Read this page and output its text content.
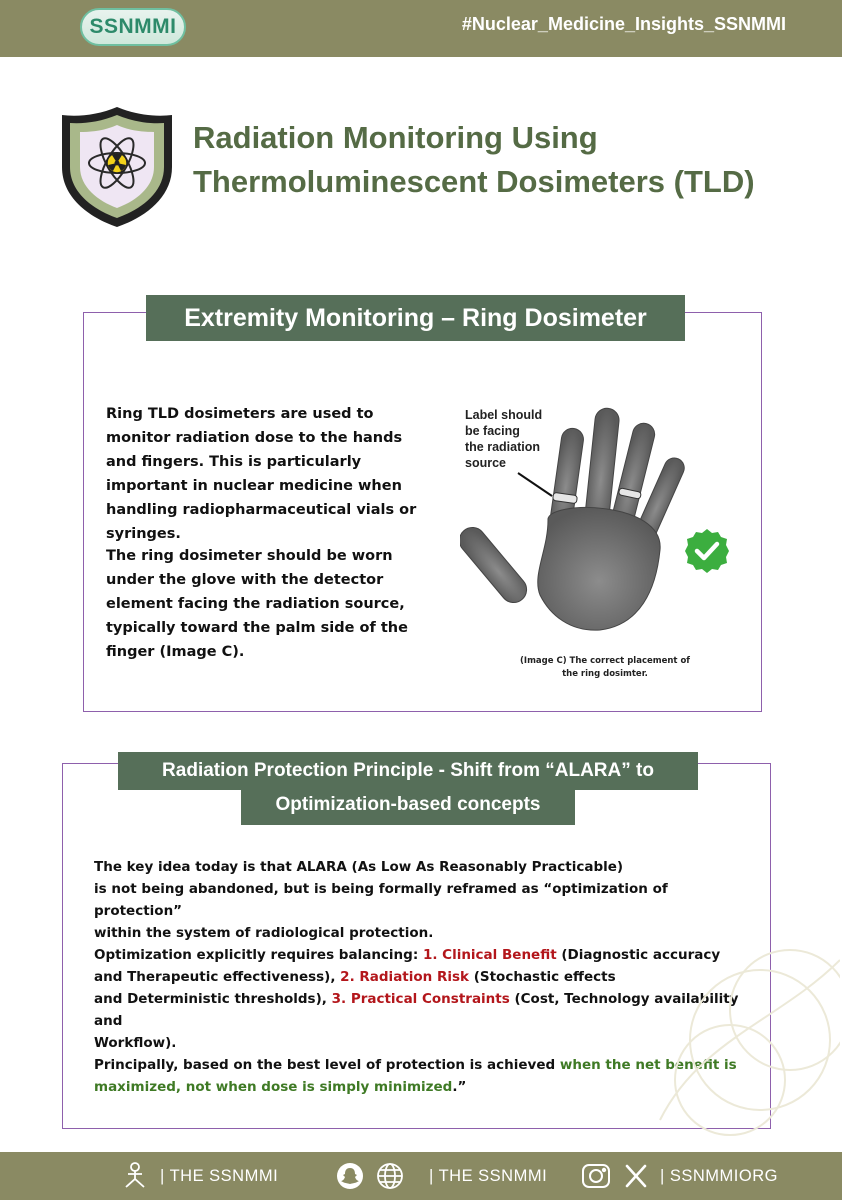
SSNMMI	#Nuclear_Medicine_Insights_SSNMMI
Radiation Monitoring Using
Thermoluminescent Dosimeters (TLD)
Extremity Monitoring – Ring Dosimeter

Ring TLD dosimeters are used to monitor radiation dose to the hands and fingers. This is particularly important in nuclear medicine when handling radiopharmaceutical vials or syringes.

The ring dosimeter should be worn under the glove with the detector element facing the radiation source, typically toward the palm side of the finger (Image C).

Label should
be facing
the radiation
source
(Image C) The correct placement of
the ring dosimter.
Radiation Protection Principle - Shift from “ALARA” to
Optimization-based concepts
The key idea today is that ALARA (As Low As Reasonably Practicable)
is not being abandoned, but is being formally reframed as “optimization of protection”
within the system of radiological protection.
Optimization explicitly requires balancing: 1. Clinical Benefit (Diagnostic accuracy
and Therapeutic effectiveness), 2. Radiation Risk (Stochastic effects
and Deterministic thresholds), 3. Practical Constraints (Cost, Technology availability and
Workflow).
Principally, based on the best level of protection is achieved when the net benefit is
maximized, not when dose is simply minimized.”
| THE SSNMMI	| THE SSNMMI	| SSNMMIORG
